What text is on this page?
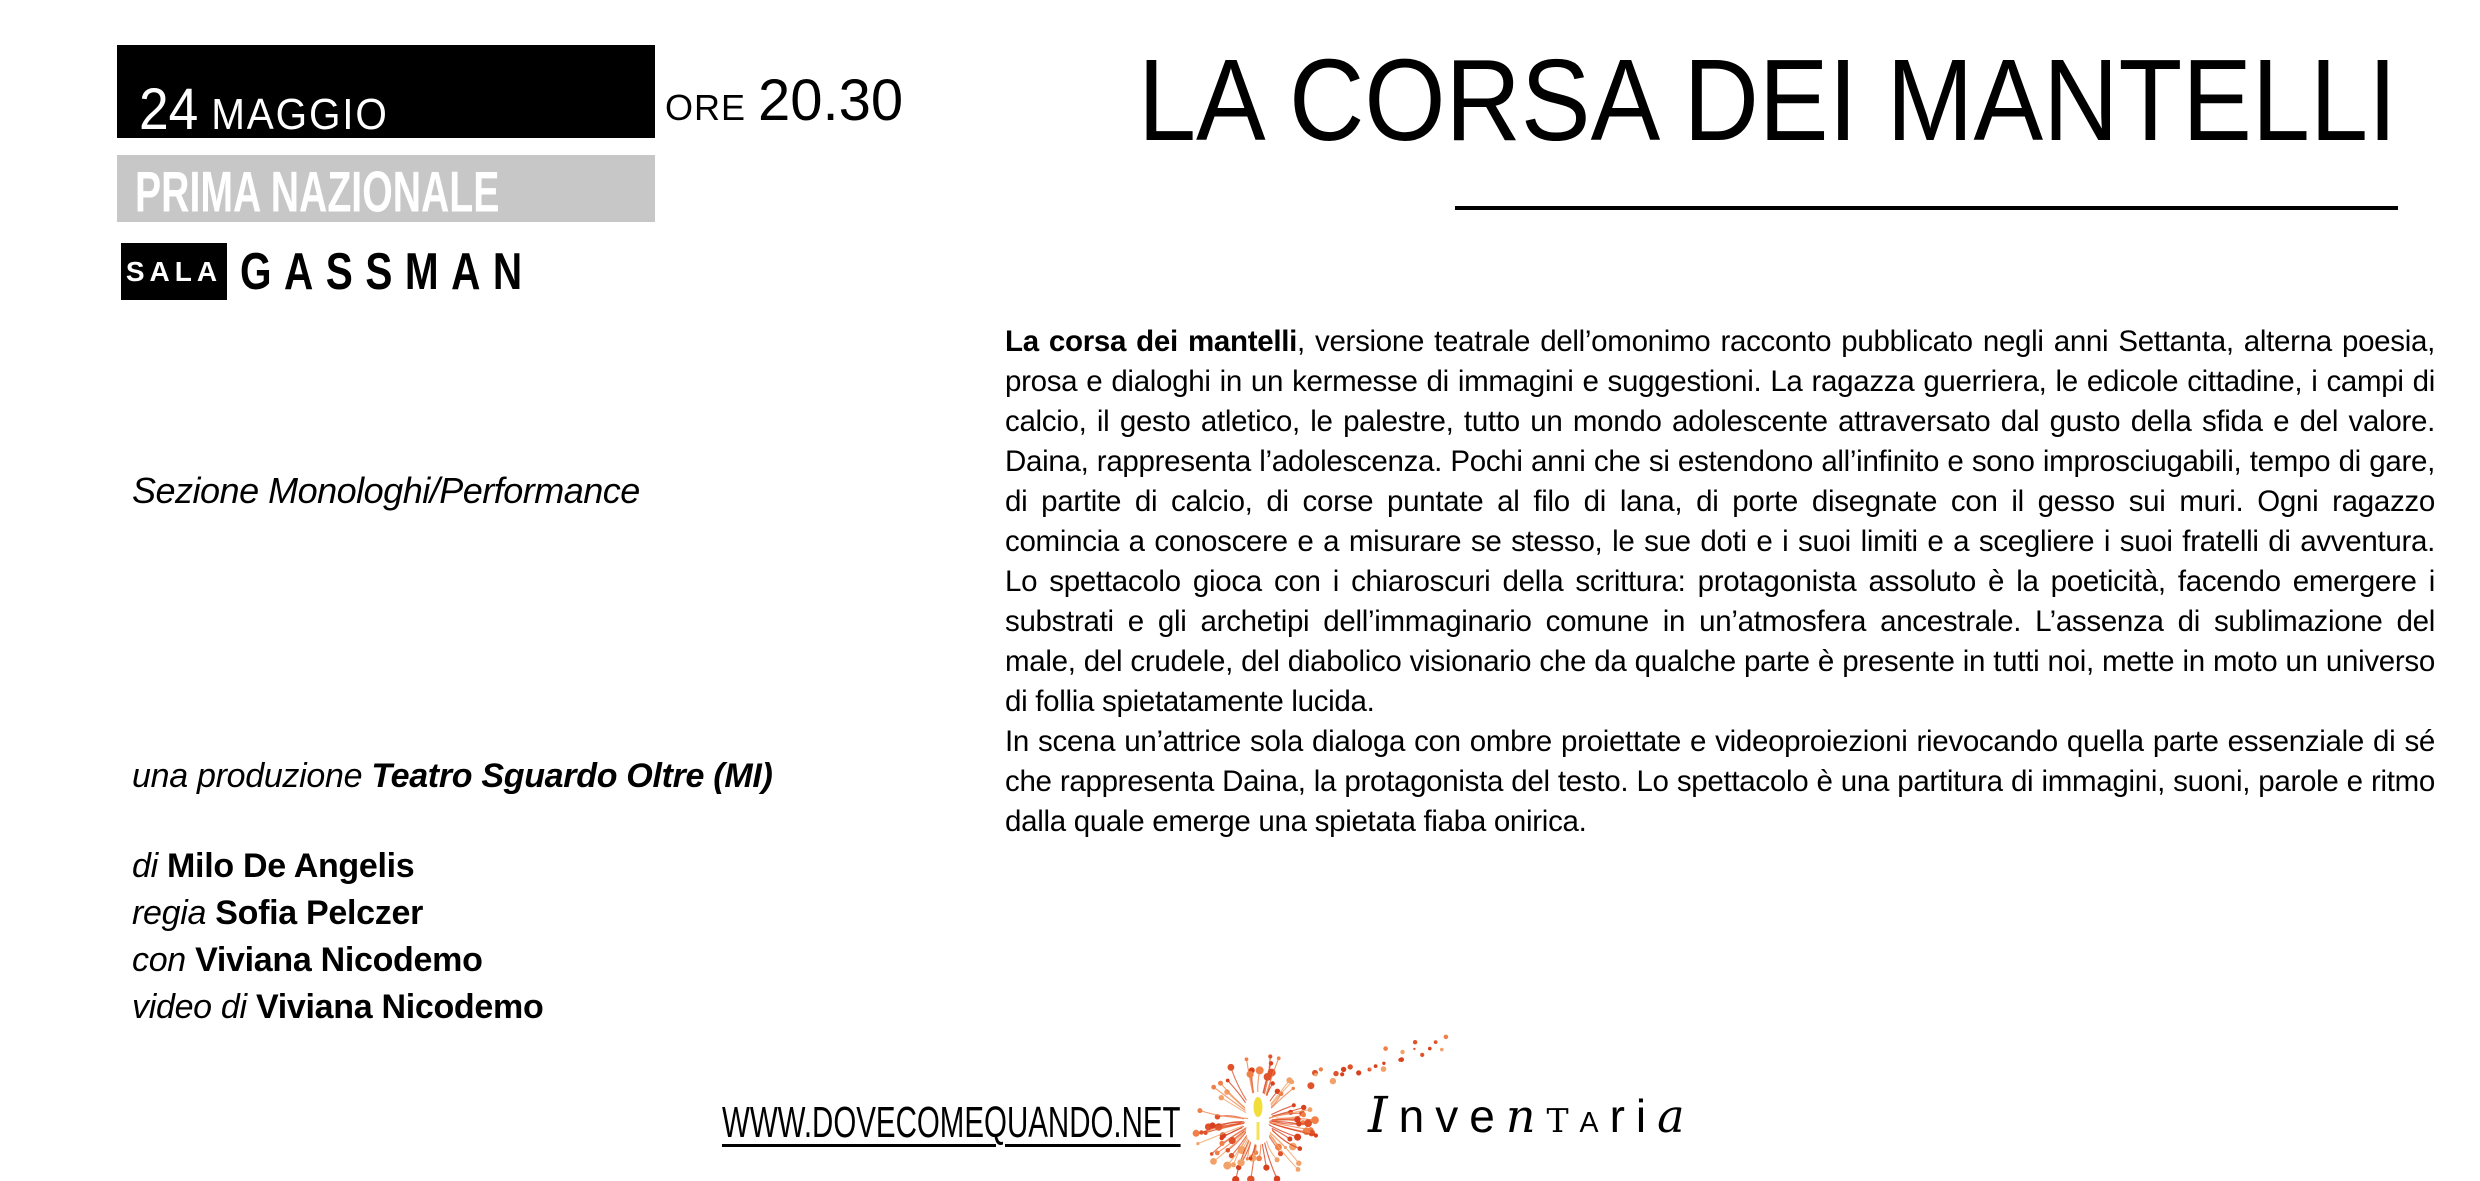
24 MAGGIO	ORE 20.30
PRIMA NAZIONALE
SALA GASSMAN
Sezione Monologhi/Performance
una produzione Teatro Sguardo Oltre (MI)
di Milo De Angelis
regia Sofia Pelczer
con Viviana Nicodemo
video di Viviana Nicodemo
LA CORSA DEI MANTELLI

La corsa dei mantelli, versione teatrale dell’omonimo racconto pubblicato negli anni Settanta, alterna poesia, prosa e dialoghi in un kermesse di immagini e suggestioni. La ragazza guerriera, le edicole cittadine, i campi di calcio, il gesto atletico, le palestre, tutto un mondo adolescente attraversato dal gusto della sfida e del valore. Daina, rappresenta l’adolescenza. Pochi anni che si estendono all’infinito e sono improsciugabili, tempo di gare, di partite di calcio, di corse puntate al filo di lana, di porte disegnate con il gesso sui muri. Ogni ragazzo comincia a conoscere e a misurare se stesso, le sue doti e i suoi limiti e a scegliere i suoi fratelli di avventura. Lo spettacolo gioca con i chiaroscuri della scrittura: protagonista assoluto è la poeticità, facendo emergere i substrati e gli archetipi dell’immaginario comune in un’atmosfera ancestrale. L’assenza di sublimazione del male, del crudele, del diabolico visionario che da qualche parte è presente in tutti noi, mette in moto un universo di follia spietatamente lucida.

In scena un’attrice sola dialoga con ombre proiettate e videoproiezioni rievocando quella parte essenziale di sé che rappresenta Daina, la protagonista del testo. Lo spettacolo è una partitura di immagini, suoni, parole e ritmo dalla quale emerge una spietata fiaba onirica.

WWW.DOVECOMEQUANDO.NET	I n v e n T A r i a
